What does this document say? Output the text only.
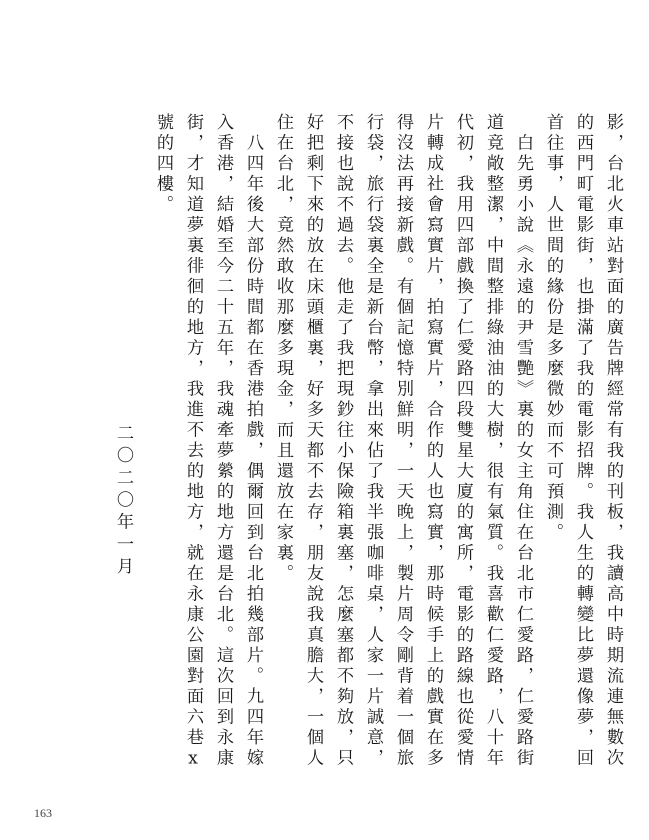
影，台北火車站對面的廣告牌經常有我的刊板，我讀高中時期流連無數次
的西門町電影街，也掛滿了我的電影招牌。我人生的轉變比夢還像夢，回
首往事，人世間的緣份是多麼微妙而不可預測。
　白先勇小說《永遠的尹雪艷》裏的女主角住在台北市仁愛路，仁愛路街
道竟敞整潔，中間整排綠油油的大樹，很有氣質。我喜歡仁愛路，八十年
代初，我用四部戲換了仁愛路四段雙星大廈的寓所，電影的路線也從愛情
片轉成社會寫實片，拍寫實片，合作的人也寫實，那時候手上的戲實在多
得沒法再接新戲。有個記憶特別鮮明，一天晚上，製片周令剛背着一個旅
行袋，旅行袋裏全是新台幣，拿出來佔了我半張咖啡桌，人家一片誠意，
不接也說不過去。他走了我把現鈔往小保險箱裏塞，怎麼塞都不夠放，只
好把剩下來的放在床頭櫃裏，好多天都不去存，朋友說我真膽大，一個人
住在台北，竟然敢收那麼多現金，而且還放在家裏。
　八四年後大部份時間都在香港拍戲，偶爾回到台北拍幾部片。九四年嫁
入香港，結婚至今二十五年，我魂牽夢縈的地方還是台北。這次回到永康
街，才知道夢裏徘徊的地方，我進不去的地方，就在永康公園對面六巷x
號的四樓。
　　　　　　　　　　　　　　二〇二〇年一月
163
